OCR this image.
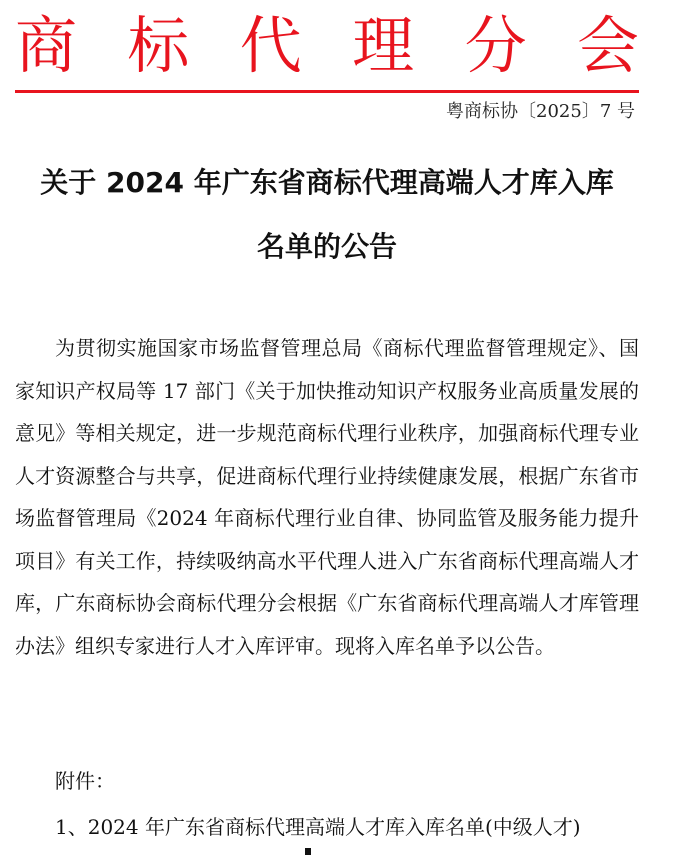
商 标 代 理 分 会
粤商标协〔2025〕7 号
关于 2024 年广东省商标代理高端人才库入库
名单的公告

为贯彻实施国家市场监督管理总局《商标代理监督管理规定》、国家知识产权局等 17 部门《关于加快推动知识产权服务业高质量发展的意见》等相关规定，进一步规范商标代理行业秩序，加强商标代理专业人才资源整合与共享，促进商标代理行业持续健康发展，根据广东省市场监督管理局《2024 年商标代理行业自律、协同监管及服务能力提升项目》有关工作，持续吸纳高水平代理人进入广东省商标代理高端人才库，广东商标协会商标代理分会根据《广东省商标代理高端人才库管理办法》组织专家进行人才入库评审。现将入库名单予以公告。

附件：

1、2024 年广东省商标代理高端人才库入库名单(中级人才)
